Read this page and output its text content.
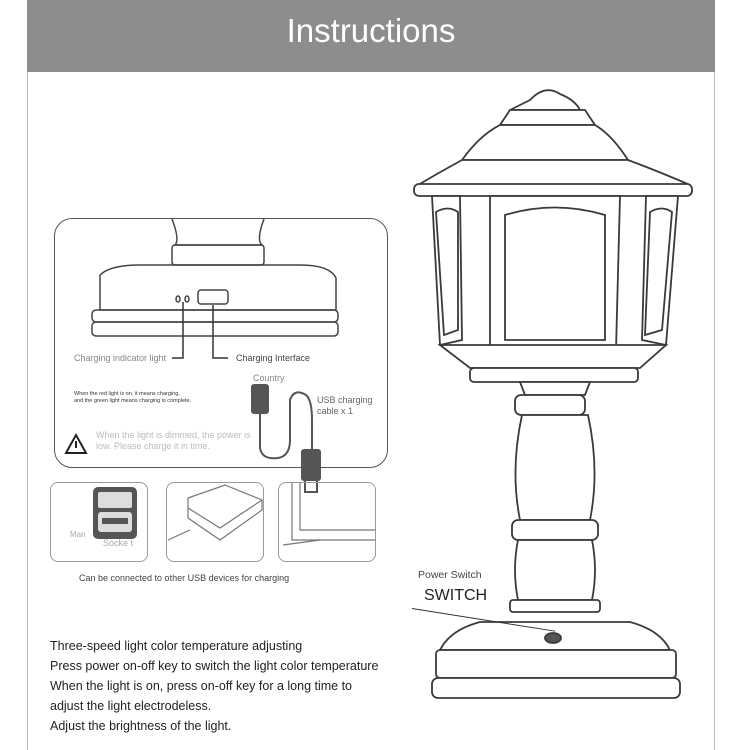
Instructions
Charging indicator light	Charging Interface
Country
USB charging cable x 1
When the red light is on, it means charging,
and the green light means charging is complete.
When the light is dimmed, the power is
low. Please charge it in time.
Man
Socke t
Can be connected to other USB devices for charging	Power Switch
SWITCH
Three-speed light color temperature adjusting
Press power on-off key to switch the light color temperature
When the light is on, press on-off key for a long time to
adjust the light electrodeless.
Adjust the brightness of the light.
